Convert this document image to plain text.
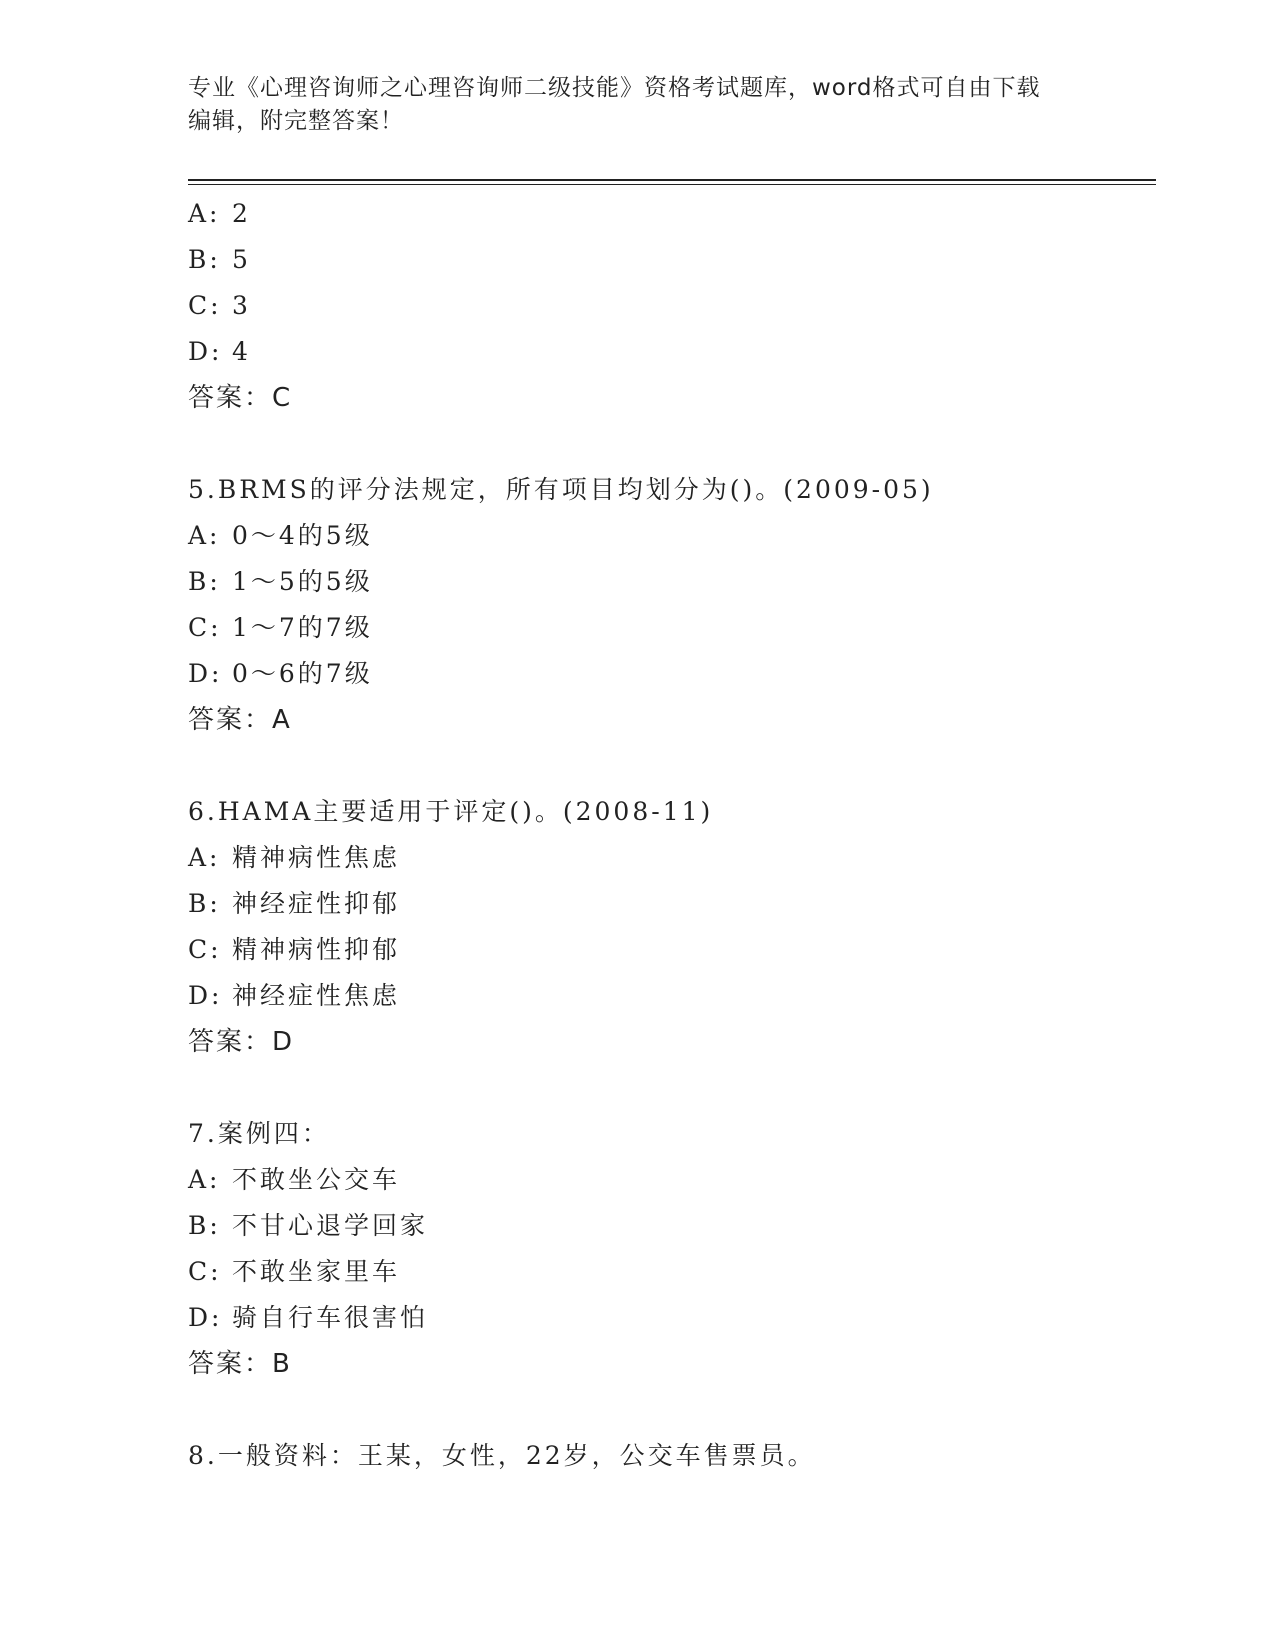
专业《心理咨询师之心理咨询师二级技能》资格考试题库，word格式可自由下载
编辑，附完整答案！
A: 2
B: 5
C: 3
D: 4
答案：C
5.BRMS的评分法规定，所有项目均划分为()。(2009-05)
A: 0～4的5级
B: 1～5的5级
C: 1～7的7级
D: 0～6的7级
答案：A
6.HAMA主要适用于评定()。(2008-11)
A: 精神病性焦虑
B: 神经症性抑郁
C: 精神病性抑郁
D: 神经症性焦虑
答案：D
7.案例四：
A: 不敢坐公交车
B: 不甘心退学回家
C: 不敢坐家里车
D: 骑自行车很害怕
答案：B
8.一般资料：王某，女性，22岁，公交车售票员。
